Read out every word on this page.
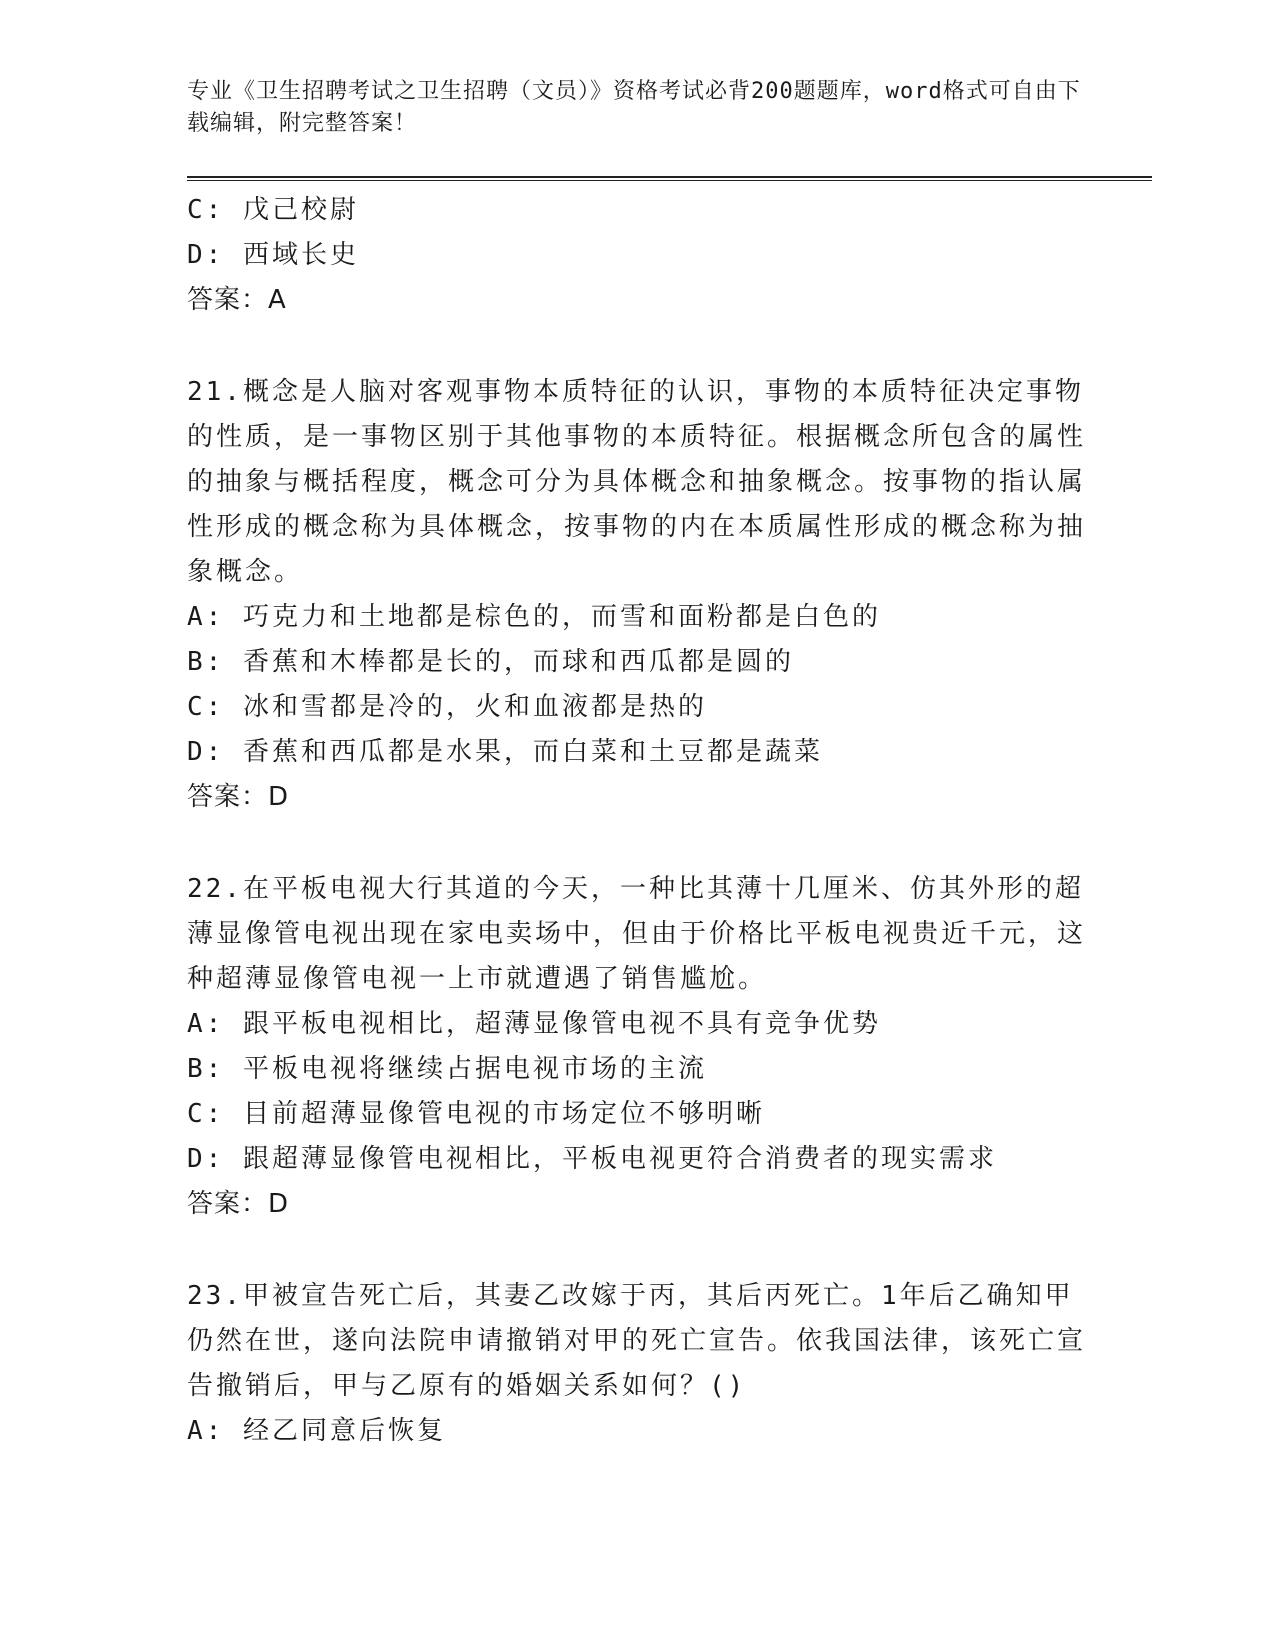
专业《卫生招聘考试之卫生招聘（文员）》资格考试必背200题题库，word格式可自由下载编辑，附完整答案！
C: 戊己校尉
D: 西域长史
答案：A
21.概念是人脑对客观事物本质特征的认识，事物的本质特征决定事物的性质，是一事物区别于其他事物的本质特征。根据概念所包含的属性的抽象与概括程度，概念可分为具体概念和抽象概念。按事物的指认属性形成的概念称为具体概念，按事物的内在本质属性形成的概念称为抽象概念。
A: 巧克力和土地都是棕色的，而雪和面粉都是白色的
B: 香蕉和木棒都是长的，而球和西瓜都是圆的
C: 冰和雪都是冷的，火和血液都是热的
D: 香蕉和西瓜都是水果，而白菜和土豆都是蔬菜
答案：D
22.在平板电视大行其道的今天，一种比其薄十几厘米、仿其外形的超薄显像管电视出现在家电卖场中，但由于价格比平板电视贵近千元，这种超薄显像管电视一上市就遭遇了销售尴尬。
A: 跟平板电视相比，超薄显像管电视不具有竞争优势
B: 平板电视将继续占据电视市场的主流
C: 目前超薄显像管电视的市场定位不够明晰
D: 跟超薄显像管电视相比，平板电视更符合消费者的现实需求
答案：D
23.甲被宣告死亡后，其妻乙改嫁于丙，其后丙死亡。1年后乙确知甲仍然在世，遂向法院申请撤销对甲的死亡宣告。依我国法律，该死亡宣告撤销后，甲与乙原有的婚姻关系如何？()
A: 经乙同意后恢复
